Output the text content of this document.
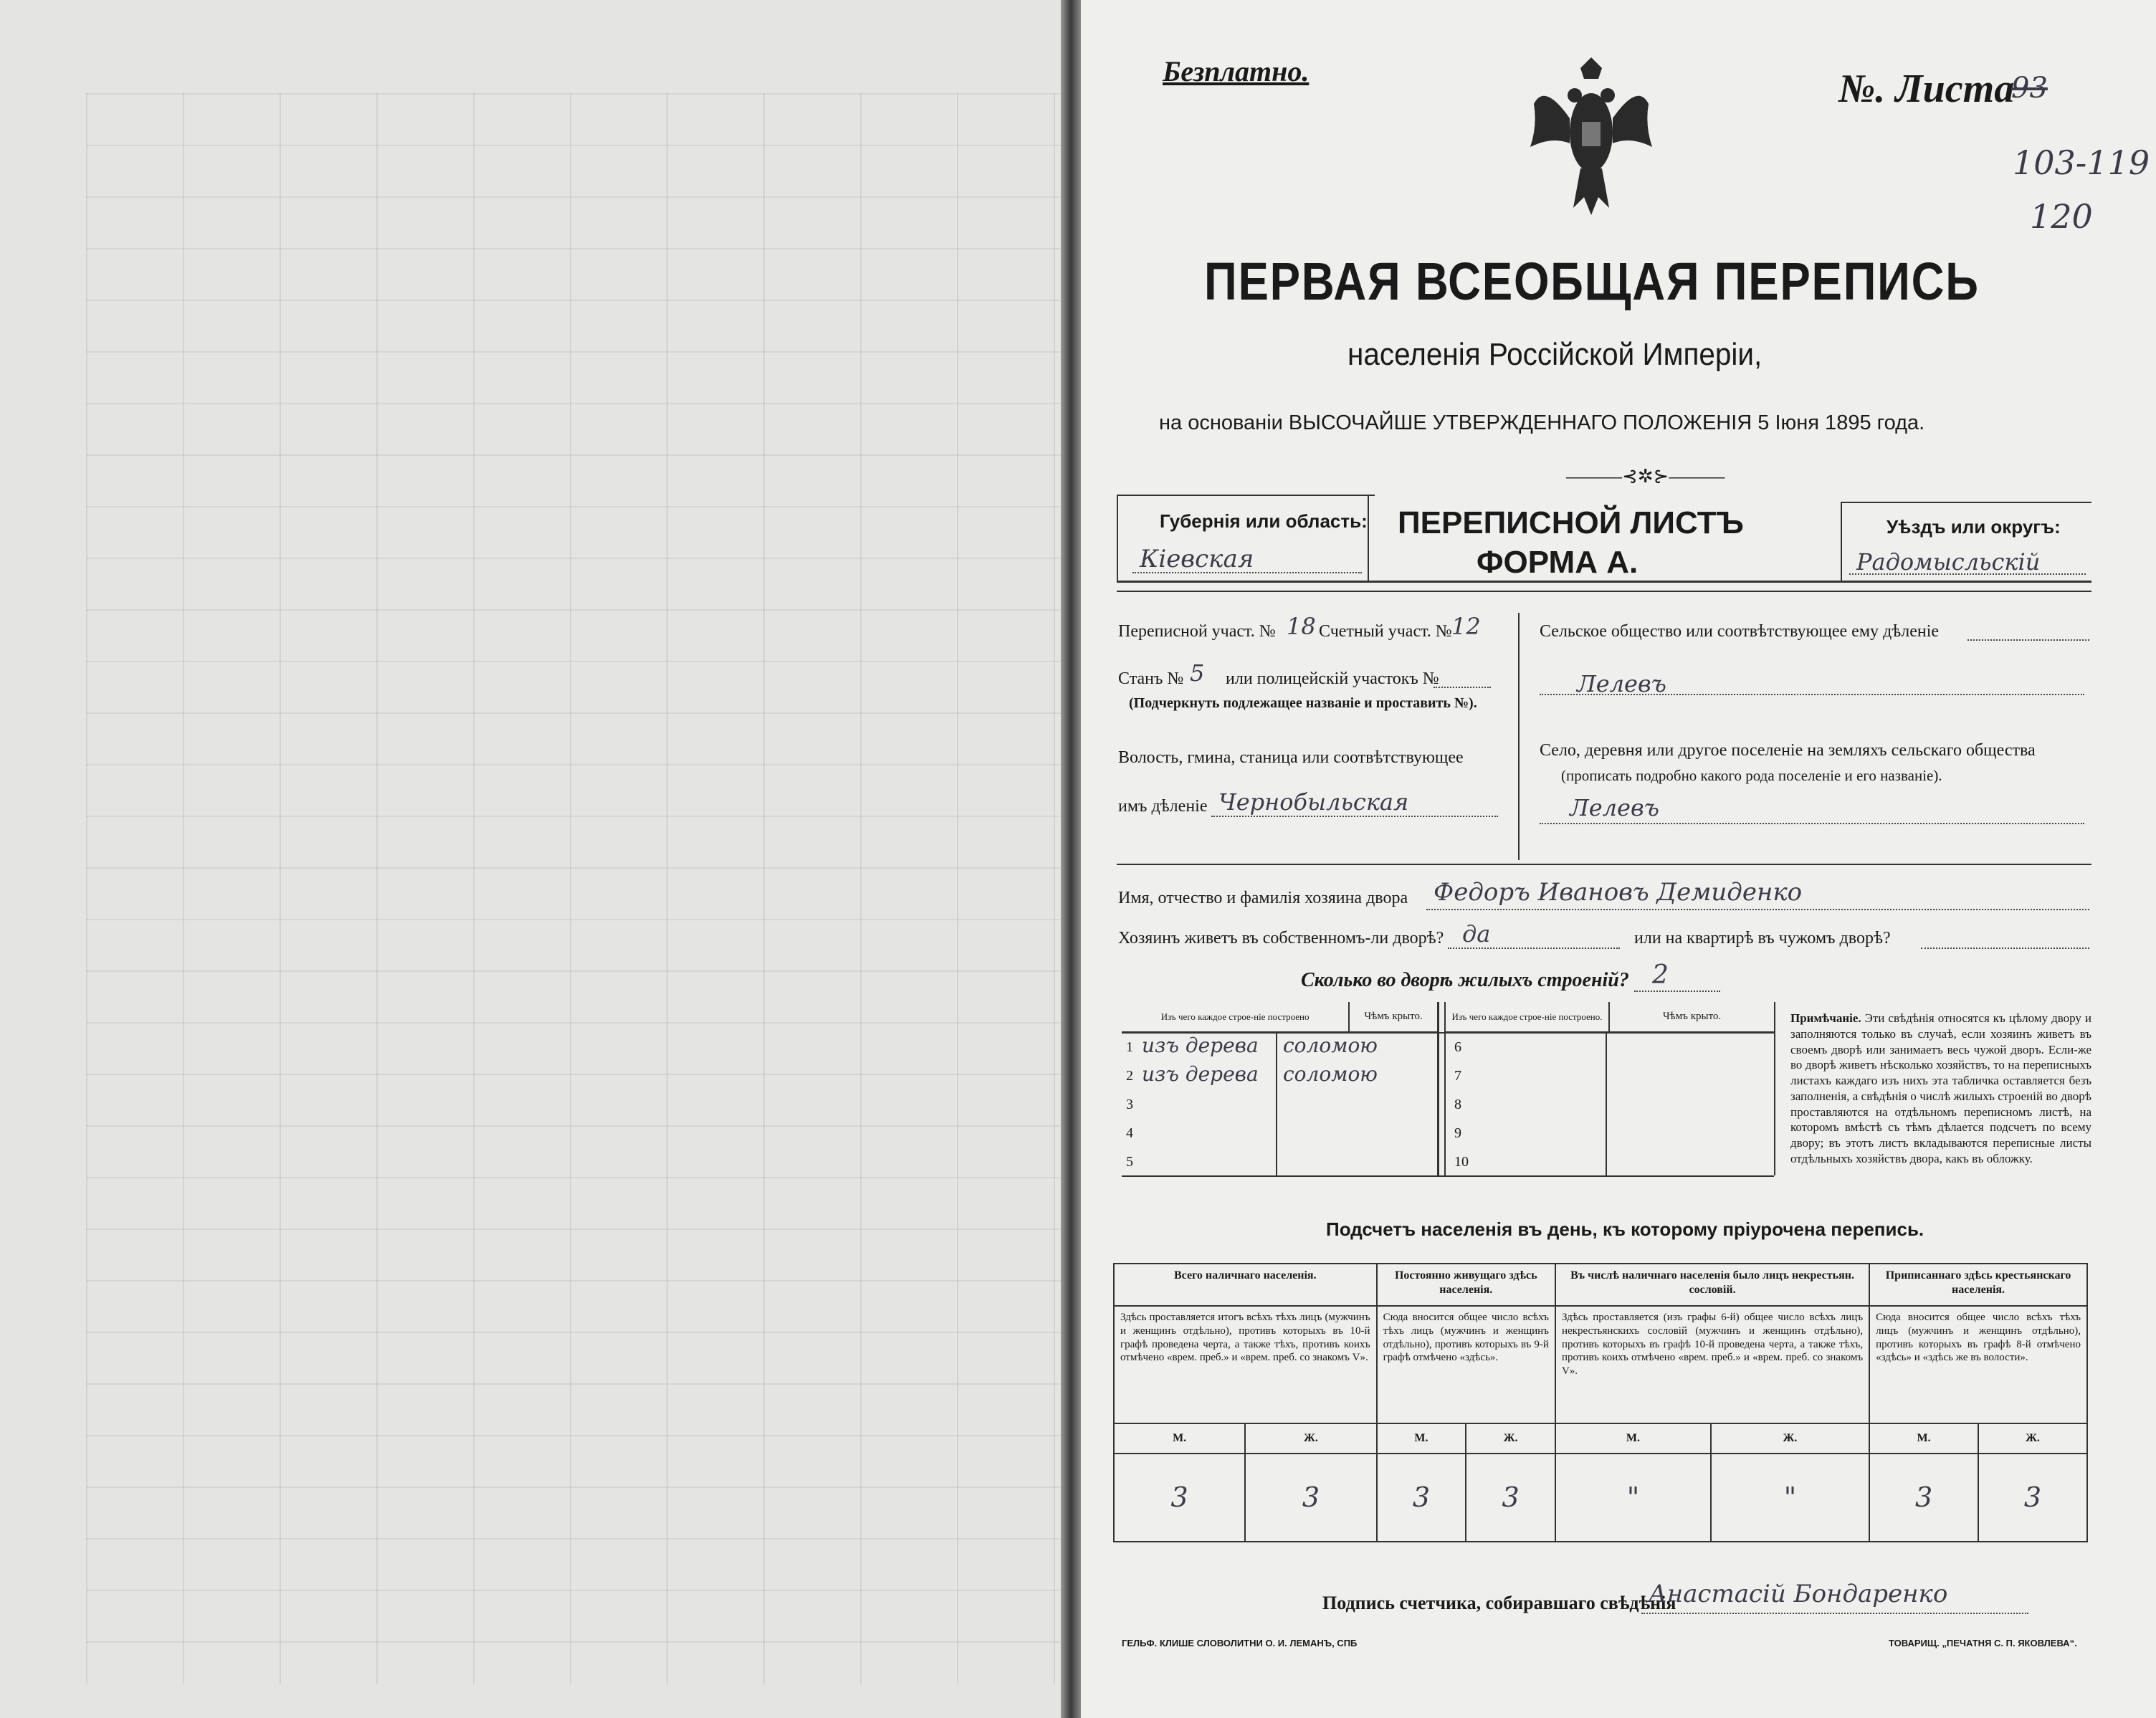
Безплатно.	№. Листа
93
103-119
120
ПЕРВАЯ ВСЕОБЩАЯ ПЕРЕПИСЬ
населенія Россійской Имперіи,
на основаніи ВЫСОЧАЙШЕ УТВЕРЖДЕННАГО ПОЛОЖЕНІЯ 5 Іюня 1895 года.
———⊰✲⊱———
Губернія или область:
Кіевская
ПЕРЕПИСНОЙ ЛИСТЪ
ФОРМА А.
Уѣздъ или округъ:
Радомысльскій
Переписной участ. № 18 Счетный участ. № 12
Станъ № 5 или полицейскій участокъ №
(Подчеркнуть подлежащее названіе и проставить №).
Волость, гмина, станица или соотвѣтствующее
имъ дѣленіе Чернобыльская
Сельское общество или соотвѣтствующее ему дѣленіе
Лелевъ
Село, деревня или другое поселеніе на земляхъ сельскаго общества
(прописать подробно какого рода поселеніе и его названіе).
Лелевъ
Имя, отчество и фамилія хозяина двора Федоръ Ивановъ Демиденко
Хозяинъ живетъ въ собственномъ-ли дворѣ? да	или на квартирѣ въ чужомъ дворѣ?
Сколько во дворѣ жилыхъ строеній? 2
Изъ чего каждое строе-ніе построено	Чѣмъ крыто.
1 изъ дерева соломою
2 изъ дерева соломою
3
4
5
Изъ чего каждое строе-ніе построено.	Чѣмъ крыто.
6
7
8
9
10
Примѣчаніе. Эти свѣдѣнія относятся къ цѣлому двору и заполняются только въ случаѣ, если хозяинъ живетъ въ своемъ дворѣ или занимаетъ весь чужой дворъ. Если-же во дворѣ живетъ нѣсколько хозяйствъ, то на переписныхъ листахъ каждаго изъ нихъ эта табличка оставляется безъ заполненія, а свѣдѣнія о числѣ жилыхъ строеній во дворѣ проставляются на отдѣльномъ переписномъ листѣ, на которомъ вмѣстѣ съ тѣмъ дѣлается подсчетъ по всему двору; въ этотъ листъ вкладываются переписные листы отдѣльныхъ хозяйствъ двора, какъ въ обложку.
Подсчетъ населенія въ день, къ которому пріурочена перепись.
Всего наличнаго населенія.		Постоянно живущаго здѣсь населенія.		Въ числѣ наличнаго населенія было лицъ некрестьян. сословій.		Приписаннаго здѣсь крестьянскаго населенія.	
Здѣсь проставляется итогъ всѣхъ тѣхъ лицъ (мужчинъ и женщинъ отдѣльно), противъ которыхъ въ 10-й графѣ проведена черта, а также тѣхъ, противъ коихъ отмѣчено «врем. преб.» и «врем. преб. со знакомъ V».		Сюда вносится общее число всѣхъ тѣхъ лицъ (мужчинъ и женщинъ отдѣльно), противъ которыхъ въ 9-й графѣ отмѣчено «здѣсь».		Здѣсь проставляется (изъ графы 6-й) общее число всѣхъ лицъ некрестьянскихъ сословій (мужчинъ и женщинъ отдѣльно), противъ которыхъ въ графѣ 10-й проведена черта, а также тѣхъ, противъ коихъ отмѣчено «врем. преб.» и «врем. преб. со знакомъ V».		Сюда вносится общее число всѣхъ тѣхъ лицъ (мужчинъ и женщинъ отдѣльно), противъ которыхъ въ графѣ 8-й отмѣчено «здѣсь» и «здѣсь же въ волости».	
М.	Ж.	М.	Ж.	М.	Ж.	М.	Ж.
3	3	3	3	"	"	3	3
Подпись счетчика, собиравшаго свѣдѣнія
Анастасій Бондаренко
ГЕЛЬФ. КЛИШЕ СЛОВОЛИТНИ О. И. ЛЕМАНЪ, СПБ	ТОВАРИЩ. „ПЕЧАТНЯ С. П. ЯКОВЛЕВА“.
